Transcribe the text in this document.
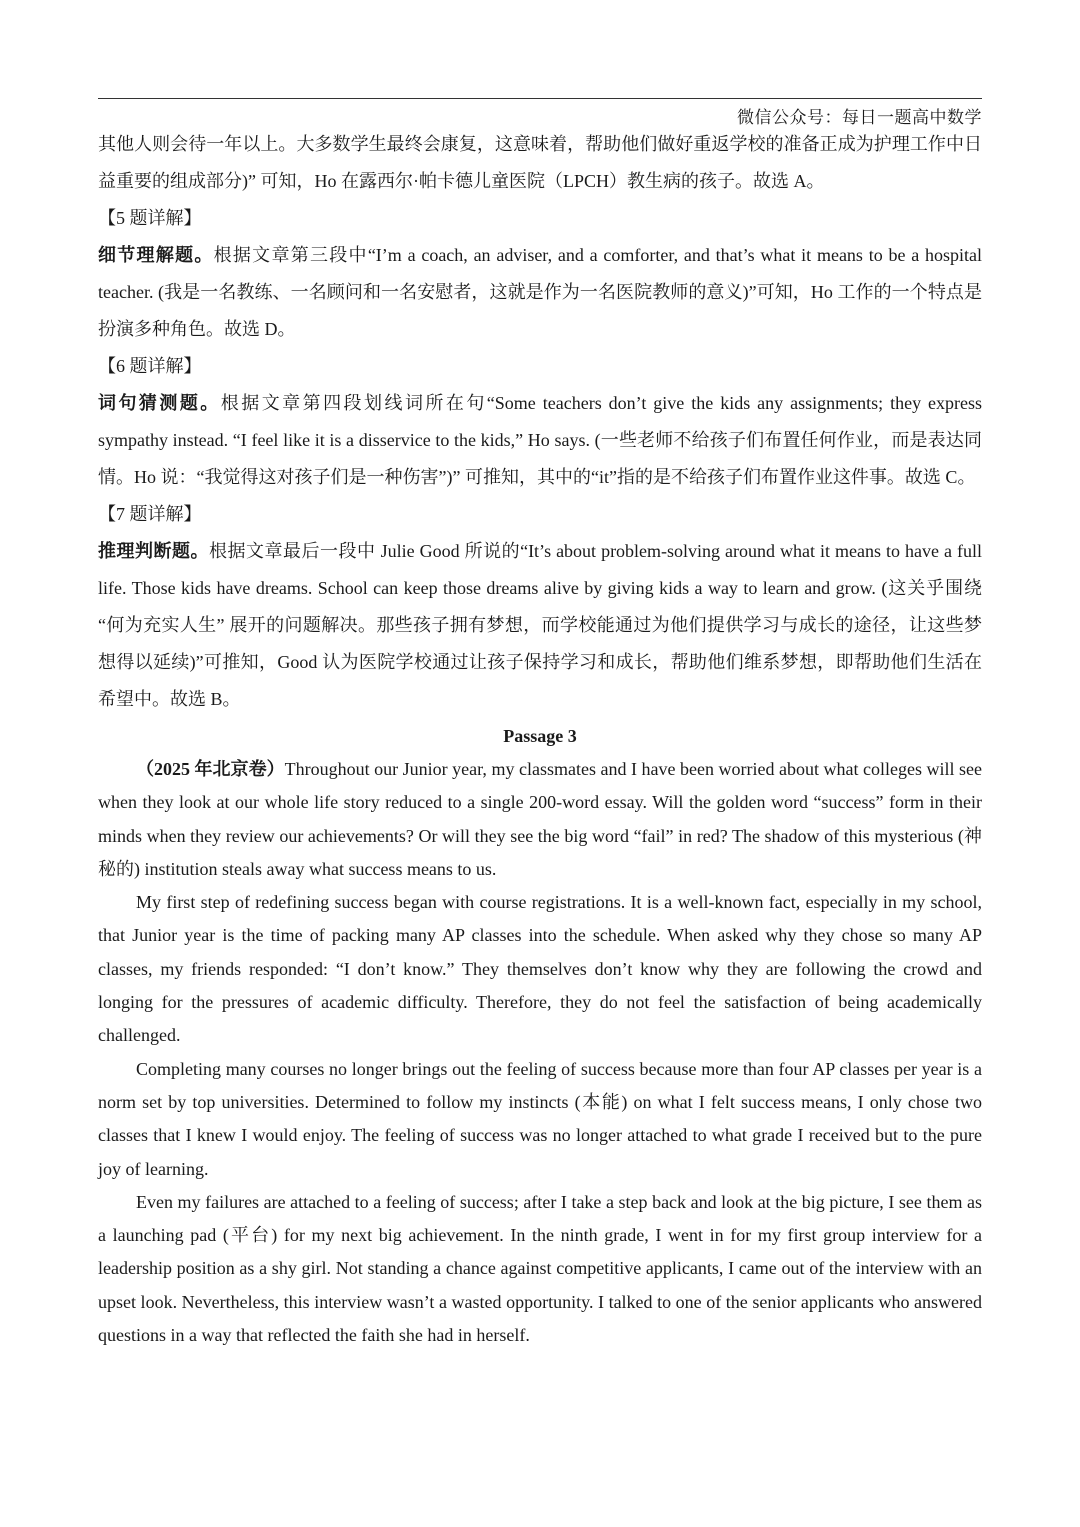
微信公众号：每日一题高中数学

其他人则会待一年以上。大多数学生最终会康复，这意味着，帮助他们做好重返学校的准备正成为护理工作中日益重要的组成部分)” 可知，Ho 在露西尔·帕卡德儿童医院（LPCH）教生病的孩子。故选 A。

【5 题详解】

细节理解题。根据文章第三段中“I’m a coach, an adviser, and a comforter, and that’s what it means to be a hospital teacher. (我是一名教练、一名顾问和一名安慰者，这就是作为一名医院教师的意义)”可知，Ho 工作的一个特点是扮演多种角色。故选 D。

【6 题详解】

词句猜测题。根据文章第四段划线词所在句“Some teachers don’t give the kids any assignments; they express sympathy instead. “I feel like it is a disservice to the kids,” Ho says. (一些老师不给孩子们布置任何作业，而是表达同情。Ho 说：“我觉得这对孩子们是一种伤害”)” 可推知，其中的“it”指的是不给孩子们布置作业这件事。故选 C。

【7 题详解】

推理判断题。根据文章最后一段中 Julie Good 所说的“It’s about problem-solving around what it means to have a full life. Those kids have dreams. School can keep those dreams alive by giving kids a way to learn and grow. (这关乎围绕 “何为充实人生” 展开的问题解决。那些孩子拥有梦想，而学校能通过为他们提供学习与成长的途径，让这些梦想得以延续)”可推知，Good 认为医院学校通过让孩子保持学习和成长，帮助他们维系梦想，即帮助他们生活在希望中。故选 B。

Passage 3

（2025 年北京卷）Throughout our Junior year, my classmates and I have been worried about what colleges will see when they look at our whole life story reduced to a single 200-word essay. Will the golden word “success” form in their minds when they review our achievements? Or will they see the big word “fail” in red? The shadow of this mysterious (神秘的) institution steals away what success means to us.

My first step of redefining success began with course registrations. It is a well-known fact, especially in my school, that Junior year is the time of packing many AP classes into the schedule. When asked why they chose so many AP classes, my friends responded: “I don’t know.” They themselves don’t know why they are following the crowd and longing for the pressures of academic difficulty. Therefore, they do not feel the satisfaction of being academically challenged.

Completing many courses no longer brings out the feeling of success because more than four AP classes per year is a norm set by top universities. Determined to follow my instincts (本能) on what I felt success means, I only chose two classes that I knew I would enjoy. The feeling of success was no longer attached to what grade I received but to the pure joy of learning.

Even my failures are attached to a feeling of success; after I take a step back and look at the big picture, I see them as a launching pad (平台) for my next big achievement. In the ninth grade, I went in for my first group interview for a leadership position as a shy girl. Not standing a chance against competitive applicants, I came out of the interview with an upset look. Nevertheless, this interview wasn’t a wasted opportunity. I talked to one of the senior applicants who answered questions in a way that reflected the faith she had in herself.
